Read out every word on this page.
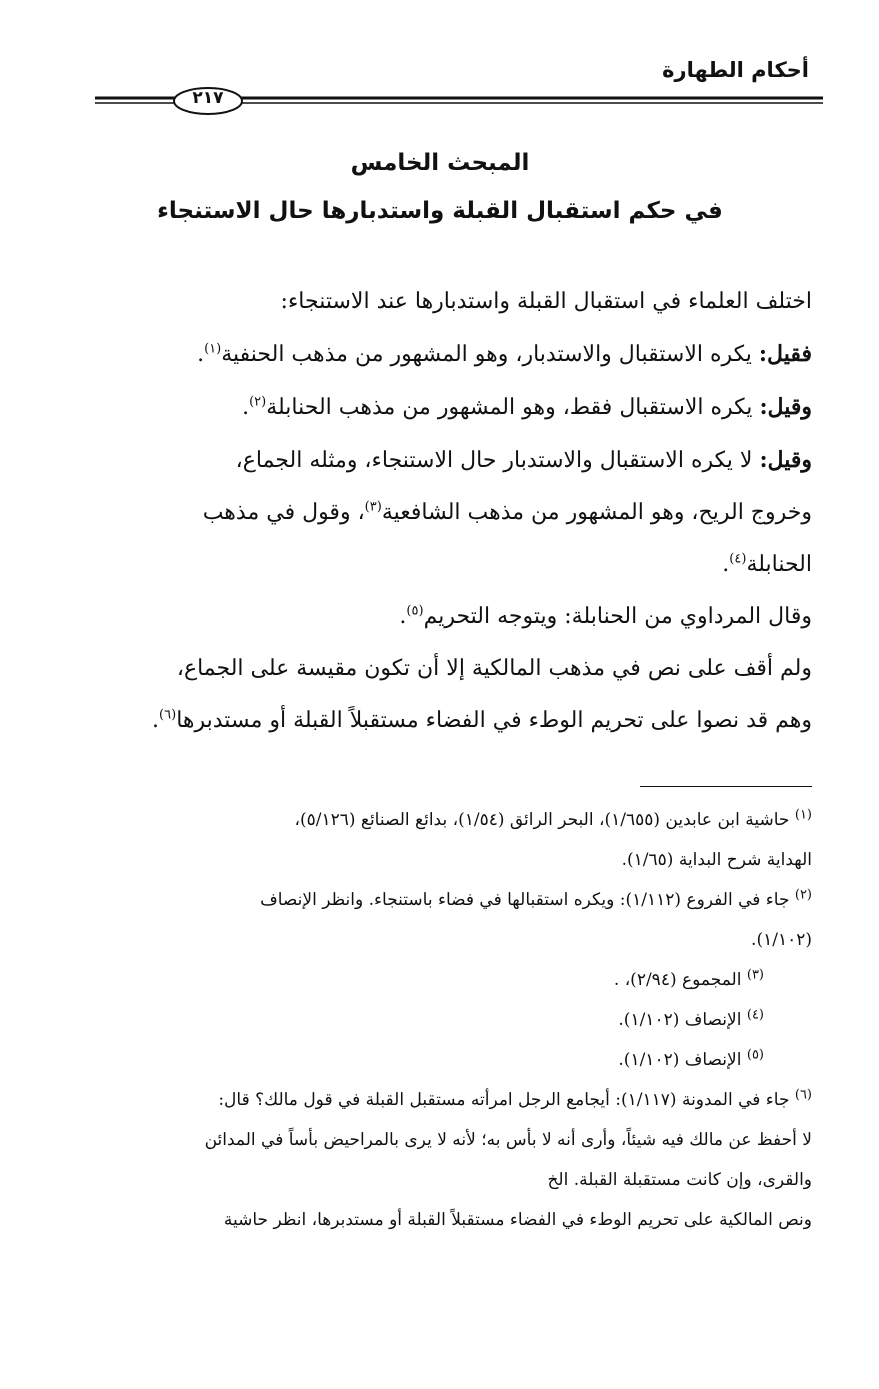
أحكام الطهارة
٢١٧
المبحث الخامس
في حكم استقبال القبلة واستدبارها حال الاستنجاء
اختلف العلماء في استقبال القبلة واستدبارها عند الاستنجاء:
فقيل: يكره الاستقبال والاستدبار، وهو المشهور من مذهب الحنفية$^{(١)}$.
وقيل: يكره الاستقبال فقط، وهو المشهور من مذهب الحنابلة$^{(٢)}$.
وقيل: لا يكره الاستقبال والاستدبار حال الاستنجاء، ومثله الجماع،
وخروج الريح، وهو المشهور من مذهب الشافعية$^{(٣)}$، وقول في مذهب
الحنابلة$^{(٤)}$.
وقال المرداوي من الحنابلة: ويتوجه التحريم$^{(٥)}$.
ولم أقف على نص في مذهب المالكية إلا أن تكون مقيسة على الجماع،
وهم قد نصوا على تحريم الوطء في الفضاء مستقبلاً القبلة أو مستدبرها$^{(٦)}$.
$^{(١)}$ حاشية ابن عابدين (١/٦٥٥)، البحر الرائق (١/٥٤)، بدائع الصنائع (٥/١٢٦)،
الهداية شرح البداية (١/٦٥).
$^{(٢)}$ جاء في الفروع (١/١١٢): ويكره استقبالها في فضاء باستنجاء. وانظر الإنصاف
(١/١٠٢).
$^{(٣)}$ المجموع (٢/٩٤)، .
$^{(٤)}$ الإنصاف (١/١٠٢).
$^{(٥)}$ الإنصاف (١/١٠٢).
$^{(٦)}$ جاء في المدونة (١/١١٧): أيجامع الرجل امرأته مستقبل القبلة في قول مالك؟ قال:
لا أحفظ عن مالك فيه شيئاً، وأرى أنه لا بأس به؛ لأنه لا يرى بالمراحيض بأساً في المدائن
والقرى، وإن كانت مستقبلة القبلة. الخ
ونص المالكية على تحريم الوطء في الفضاء مستقبلاً القبلة أو مستدبرها، انظر حاشية
